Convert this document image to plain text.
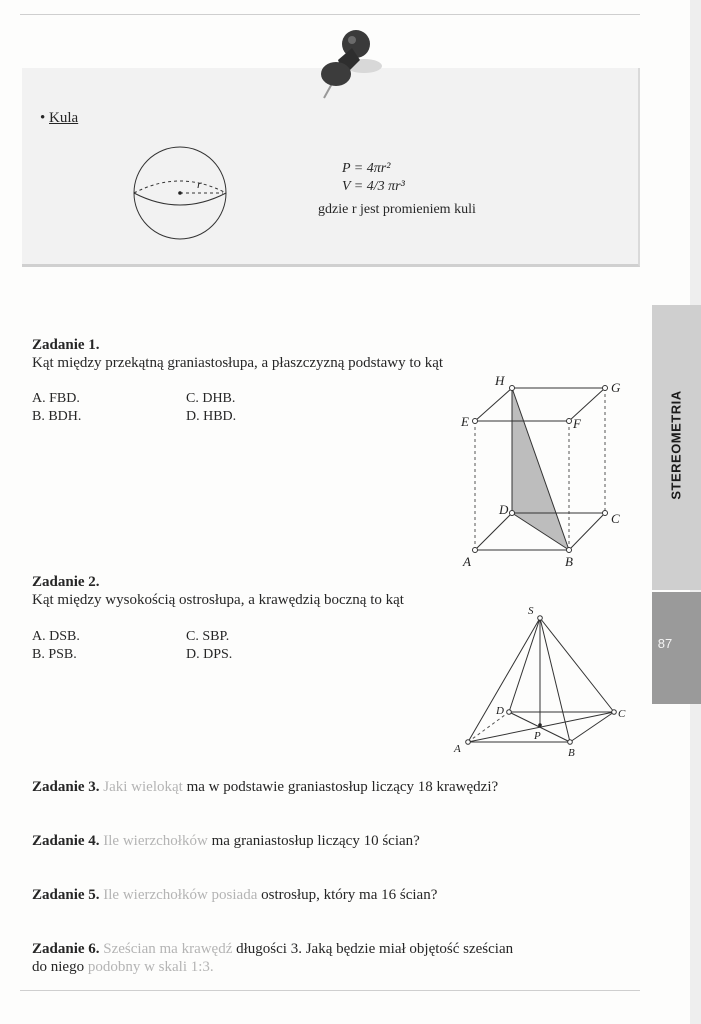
• Kula
r
P = 4πr²
V = 4/3 πr³
gdzie r jest promieniem kuli
STEREOMETRIA
87
Zadanie 1.
Kąt między przekątną graniastosłupa, a płaszczyzną podstawy to kąt
A. FBD.
B. BDH.
C. DHB.
D. HBD.
H	G
E	F
D
C
A	B
Zadanie 2.
Kąt między wysokością ostrosłupa, a krawędzią boczną to kąt
A. DSB.
B. PSB.
C. SBP.
D. DPS.
S
D	C
P
A	B
Zadanie 3. Jaki wielokąt ma w podstawie graniastosłup liczący 18 krawędzi?
Zadanie 4. Ile wierzchołków ma graniastosłup liczący 10 ścian?
Zadanie 5. Ile wierzchołków posiada ostrosłup, który ma 16 ścian?
Zadanie 6. Sześcian ma krawędź długości 3. Jaką będzie miał objętość sześcian
do niego podobny w skali 1:3.
